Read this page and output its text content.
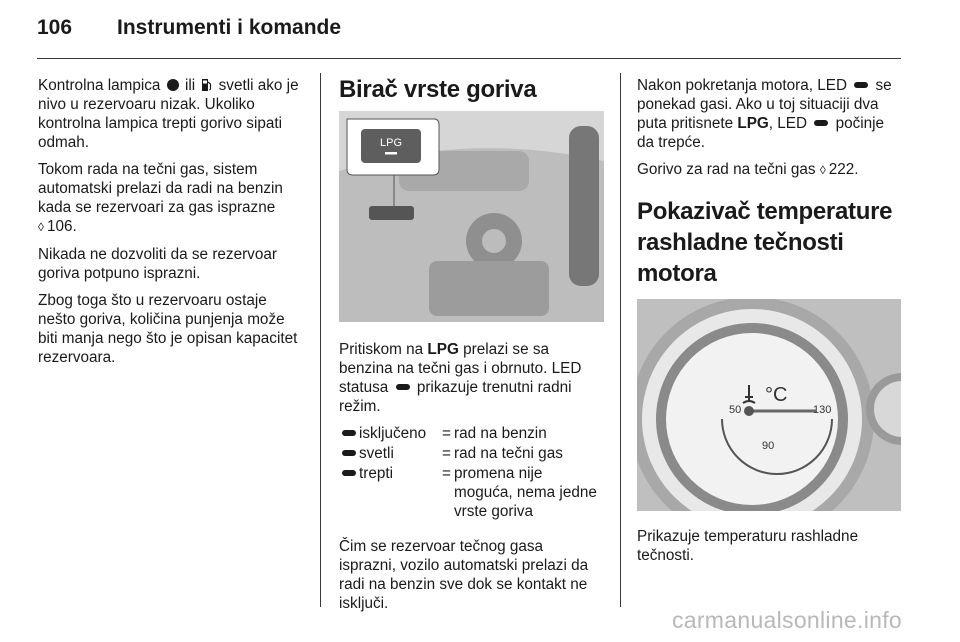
106	Instrumenti i komande

Kontrolna lampica ili svetli ako je nivo u rezervoaru nizak. Ukoliko kontrolna lampica trepti gorivo sipati odmah.

Tokom rada na tečni gas, sistem automatski prelazi da radi na benzin kada se rezervoari za gas isprazne
◊ 106.

Nikada ne dozvoliti da se rezervoar goriva potpuno isprazni.

Zbog toga što u rezervoaru ostaje nešto goriva, količina punjenja može biti manja nego što je opisan kapacitet rezervoara.

Birač vrste goriva
LPG

Pritiskom na LPG prelazi se sa benzina na tečni gas i obrnuto. LED statusa prikazuje trenutni radni režim.

isključeno	= rad na benzin
svetli	= rad na tečni gas
trepti	= promena nije moguća, nema jedne vrste goriva

Čim se rezervoar tečnog gasa isprazni, vozilo automatski prelazi da radi na benzin sve dok se kontakt ne isključi.

Nakon pokretanja motora, LED se ponekad gasi. Ako u toj situaciji dva puta pritisnete LPG, LED počinje da trepće.

Gorivo za rad na tečni gas ◊ 222.

Pokazivač temperature rashladne tečnosti motora
°C
50
90
130

Prikazuje temperaturu rashladne tečnosti.

carmanualsonline.info
